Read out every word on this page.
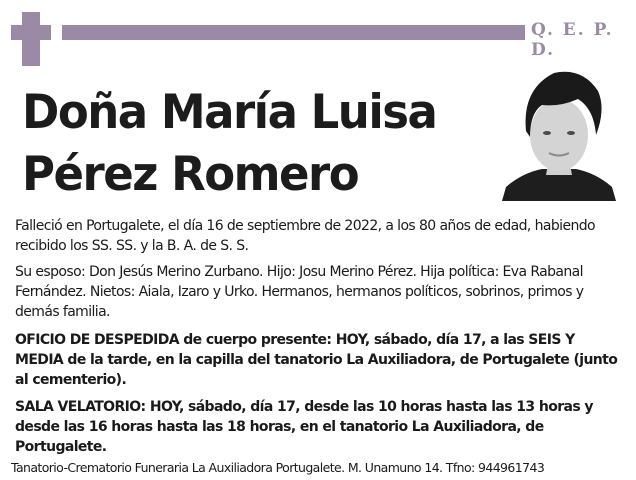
Q. E. P. D.
Doña María Luisa
Pérez Romero
Falleció en Portugalete, el día 16 de septiembre de 2022, a los 80 años de edad, habiendo recibido los SS. SS. y la B. A. de S. S.
Su esposo: Don Jesús Merino Zurbano. Hijo: Josu Merino Pérez. Hija política: Eva Rabanal Fernández. Nietos: Aiala, Izaro y Urko. Hermanos, hermanos políticos, sobrinos, primos y demás familia.
OFICIO DE DESPEDIDA de cuerpo presente: HOY, sábado, día 17, a las SEIS Y MEDIA de la tarde, en la capilla del tanatorio La Auxiliadora, de Portugalete (junto al cementerio).
SALA VELATORIO: HOY, sábado, día 17, desde las 10 horas hasta las 13 horas y desde las 16 horas hasta las 18 horas, en el tanatorio La Auxiliadora, de Portugalete.
Tanatorio-Crematorio Funeraria La Auxiliadora Portugalete. M. Unamuno 14. Tfno: 944961743
